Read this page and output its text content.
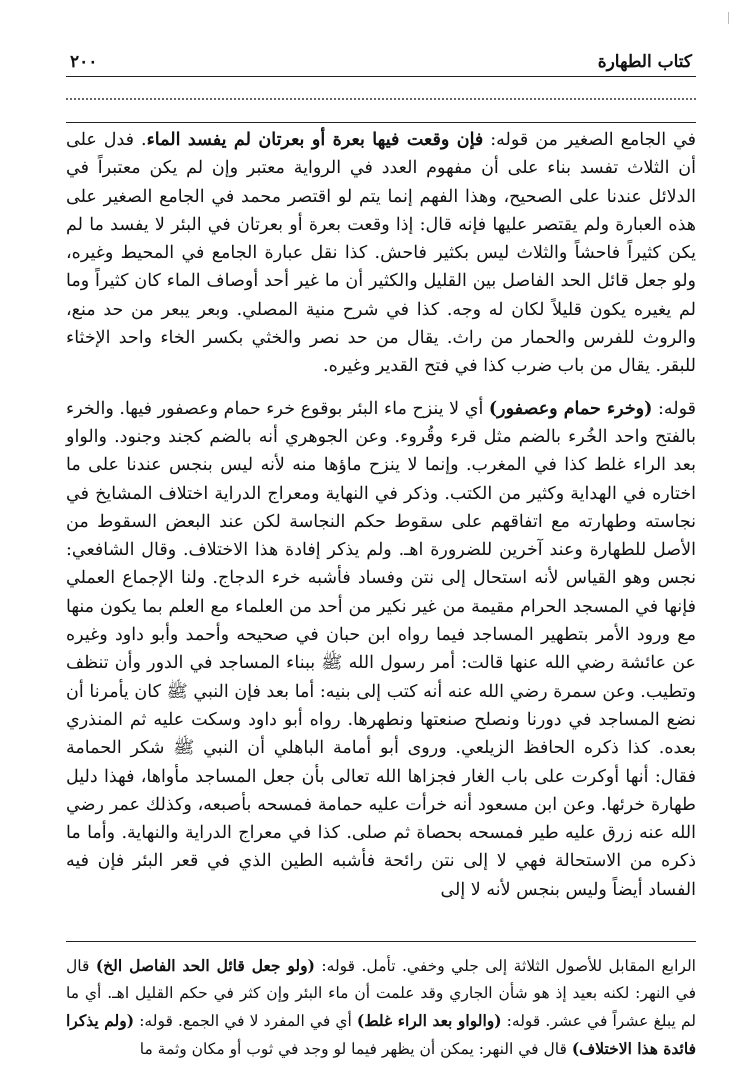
كتاب الطهارة
٢٠٠

في الجامع الصغير من قوله: فإن وقعت فيها بعرة أو بعرتان لم يفسد الماء. فدل على أن الثلاث تفسد بناء على أن مفهوم العدد في الرواية معتبر وإن لم يكن معتبراً في الدلائل عندنا على الصحيح، وهذا الفهم إنما يتم لو اقتصر محمد في الجامع الصغير على هذه العبارة ولم يقتصر عليها فإنه قال: إذا وقعت بعرة أو بعرتان في البئر لا يفسد ما لم يكن كثيراً فاحشاً والثلاث ليس بكثير فاحش. كذا نقل عبارة الجامع في المحيط وغيره، ولو جعل قائل الحد الفاصل بين القليل والكثير أن ما غير أحد أوصاف الماء كان كثيراً وما لم يغيره يكون قليلاً لكان له وجه. كذا في شرح منية المصلي. وبعر يبعر من حد منع، والروث للفرس والحمار من راث. يقال من حد نصر والخثي بكسر الخاء واحد الإخثاء للبقر. يقال من باب ضرب كذا في فتح القدير وغيره.

قوله: (وخرء حمام وعصفور) أي لا ينزح ماء البئر بوقوع خرء حمام وعصفور فيها. والخرء بالفتح واحد الخُرء بالضم مثل قرء وقُروء. وعن الجوهري أنه بالضم كجند وجنود. والواو بعد الراء غلط كذا في المغرب. وإنما لا ينزح ماؤها منه لأنه ليس بنجس عندنا على ما اختاره في الهداية وكثير من الكتب. وذكر في النهاية ومعراج الدراية اختلاف المشايخ في نجاسته وطهارته مع اتفاقهم على سقوط حكم النجاسة لكن عند البعض السقوط من الأصل للطهارة وعند آخرين للضرورة اهـ. ولم يذكر إفادة هذا الاختلاف. وقال الشافعي: نجس وهو القياس لأنه استحال إلى نتن وفساد فأشبه خرء الدجاج. ولنا الإجماع العملي فإنها في المسجد الحرام مقيمة من غير نكير من أحد من العلماء مع العلم بما يكون منها مع ورود الأمر بتطهير المساجد فيما رواه ابن حبان في صحيحه وأحمد وأبو داود وغيره عن عائشة رضي الله عنها قالت: أمر رسول الله ﷺ ببناء المساجد في الدور وأن تنظف وتطيب. وعن سمرة رضي الله عنه أنه كتب إلى بنيه: أما بعد فإن النبي ﷺ كان يأمرنا أن نضع المساجد في دورنا ونصلح صنعتها ونطهرها. رواه أبو داود وسكت عليه ثم المنذري بعده. كذا ذكره الحافظ الزيلعي. وروى أبو أمامة الباهلي أن النبي ﷺ شكر الحمامة فقال: أنها أوكرت على باب الغار فجزاها الله تعالى بأن جعل المساجد مأواها، فهذا دليل طهارة خرئها. وعن ابن مسعود أنه خرأت عليه حمامة فمسحه بأصبعه، وكذلك عمر رضي الله عنه زرق عليه طير فمسحه بحصاة ثم صلى. كذا في معراج الدراية والنهاية. وأما ما ذكره من الاستحالة فهي لا إلى نتن رائحة فأشبه الطين الذي في قعر البئر فإن فيه الفساد أيضاً وليس بنجس لأنه لا إلى

الرابع المقابل للأصول الثلاثة إلى جلي وخفي. تأمل. قوله: (ولو جعل قائل الحد الفاصل الخ) قال في النهر: لكنه بعيد إذ هو شأن الجاري وقد علمت أن ماء البئر وإن كثر في حكم القليل اهـ. أي ما لم يبلغ عشراً في عشر. قوله: (والواو بعد الراء غلط) أي في المفرد لا في الجمع. قوله: (ولم يذكرا فائدة هذا الاختلاف) قال في النهر: يمكن أن يظهر فيما لو وجد في ثوب أو مكان وثمة ما
